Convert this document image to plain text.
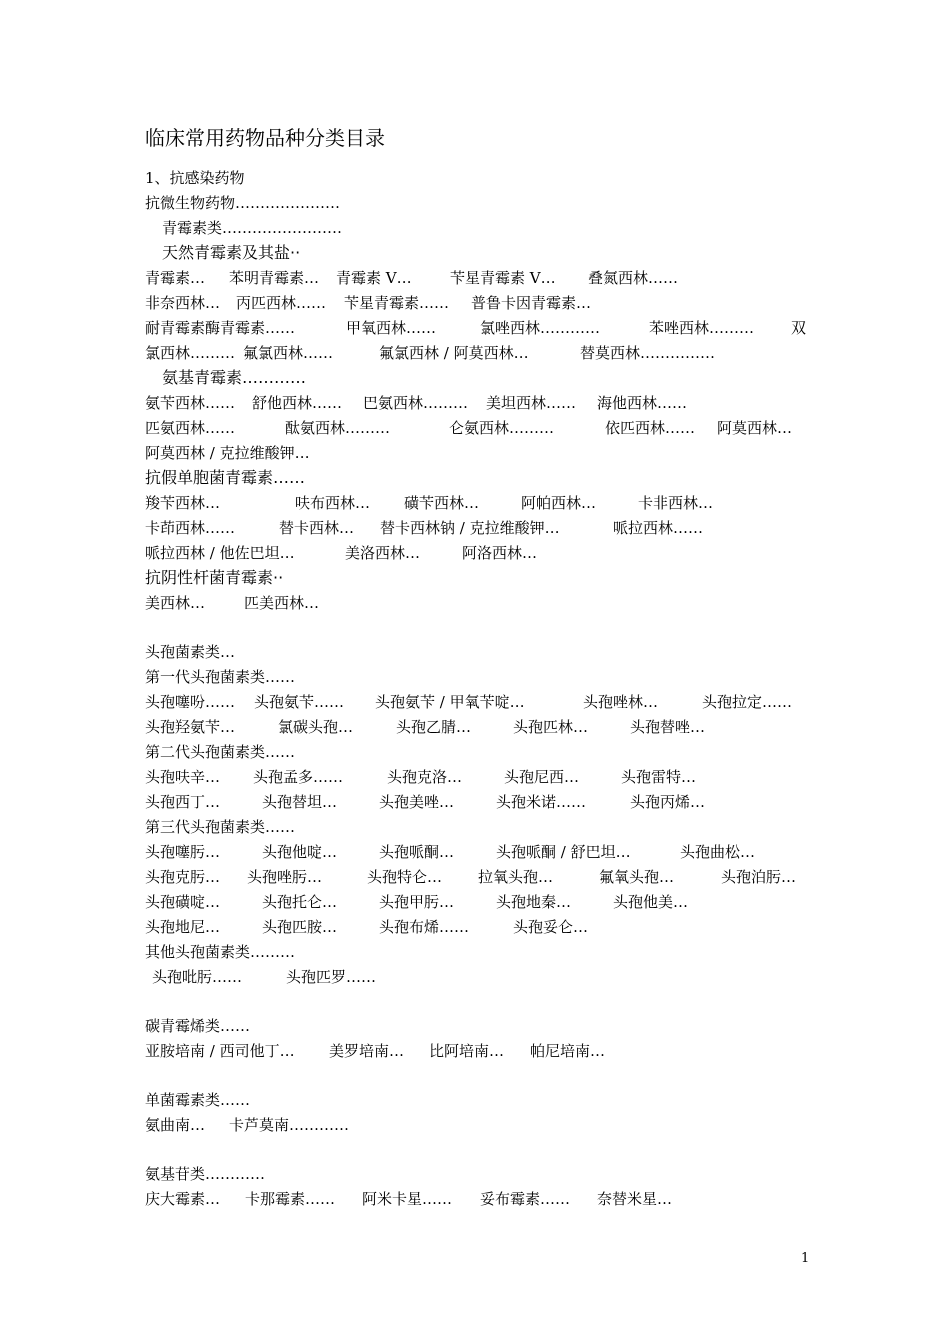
临床常用药物品种分类目录
1、抗感染药物
抗微生物药物…………………
青霉素类……………………
天然青霉素及其盐··
青霉素… 苯明青霉素… 青霉素 V…	苄星青霉素 V… 叠氮西林……
非奈西林… 丙匹西林…… 苄星青霉素…… 普鲁卡因青霉素…
耐青霉素酶青霉素……	甲氧西林……	氯唑西林…………	苯唑西林……… 双
氯西林……… 氟氯西林……	氟氯西林 / 阿莫西林…	替莫西林……………
氨基青霉素…………
氨苄西林…… 舒他西林…… 巴氨西林……… 美坦西林…… 海他西林……
匹氨西林……	酞氨西林………	仑氨西林………	依匹西林…… 阿莫西林…
阿莫西林 / 克拉维酸钾…
抗假单胞菌青霉素……
羧苄西林…	呋布西林… 磺苄西林…	阿帕西林…	卡非西林…
卡茚西林……	替卡西林… 替卡西林钠 / 克拉维酸钾…	哌拉西林……
哌拉西林 / 他佐巴坦…	美洛西林…	阿洛西林…
抗阴性杆菌青霉素··
美西林…	匹美西林…
头孢菌素类…
第一代头孢菌素类……
头孢噻吩…… 头孢氨苄…… 头孢氨苄 / 甲氧苄啶…	头孢唑林…	头孢拉定……
头孢羟氨苄…	氯碳头孢…	头孢乙腈…	头孢匹林…	头孢替唑…
第二代头孢菌素类……
头孢呋辛… 头孢孟多……	头孢克洛…	头孢尼西…	头孢雷特…
头孢西丁…	头孢替坦…	头孢美唑…	头孢米诺……	头孢丙烯…
第三代头孢菌素类……
头孢噻肟…	头孢他啶…	头孢哌酮…	头孢哌酮 / 舒巴坦…	头孢曲松…
头孢克肟… 头孢唑肟…	头孢特仑… 拉氧头孢…	氟氧头孢…	头孢泊肟…
头孢磺啶…	头孢托仑…	头孢甲肟…	头孢地秦…	头孢他美…
头孢地尼…	头孢匹胺…	头孢布烯……	头孢妥仑…
其他头孢菌素类………
头孢吡肟……	头孢匹罗……
碳青霉烯类……
亚胺培南 / 西司他丁… 美罗培南… 比阿培南… 帕尼培南…
单菌霉素类……
氨曲南… 卡芦莫南…………
氨基苷类…………
庆大霉素… 卡那霉素…… 阿米卡星…… 妥布霉素…… 奈替米星…
1
